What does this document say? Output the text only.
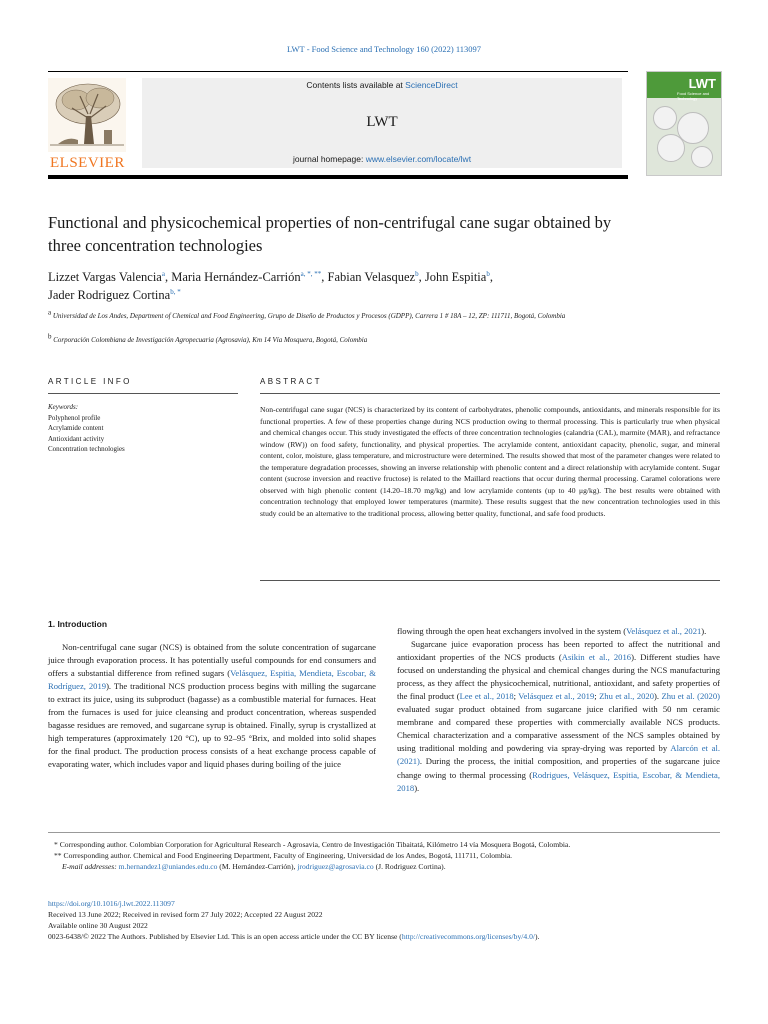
LWT - Food Science and Technology 160 (2022) 113097
ELSEVIER
Contents lists available at ScienceDirect
LWT
journal homepage: www.elsevier.com/locate/lwt
LWT
Food Science and Technology
Functional and physicochemical properties of non-centrifugal cane sugar obtained by three concentration technologies
Lizzet Vargas Valencia$^a$, Maria Hernández-Carrión$^{a, *, **}$, Fabian Velasquez$^b$, John Espitia$^b$,
Jader Rodriguez Cortina$^{b, *}$
$^a$ Universidad de Los Andes, Department of Chemical and Food Engineering, Grupo de Diseño de Productos y Procesos (GDPP), Carrera 1 # 18A – 12, ZP: 111711, Bogotá, Colombia
$^b$ Corporación Colombiana de Investigación Agropecuaria (Agrosavia), Km 14 Vía Mosquera, Bogotá, Colombia
ARTICLE INFO	ABSTRACT
Keywords:
Polyphenol profile
Acrylamide content
Antioxidant activity
Concentration technologies
Non-centrifugal cane sugar (NCS) is characterized by its content of carbohydrates, phenolic compounds, antioxidants, and minerals responsible for its functional properties. A few of these properties change during NCS production owing to thermal processing. This is particularly true when physical and chemical changes occur. This study investigated the effects of three concentration technologies (calandria (CAL), marmite (MAR), and refractance window (RW)) on food safety, functionality, and physical properties. The acrylamide content, antioxidant capacity, phenolic, sugar, and mineral content, color, moisture, glass temperature, and microstructure were determined. The results showed that most of the parameter changes were related to the temperature degradation processes, showing an inverse relationship with phenolic content and a direct relationship with acrylamide content. Sugar content (sucrose inversion and reactive fructose) is related to the Maillard reactions that occur during thermal processing. Caramel colorations were observed with high phenolic content (14.20–18.70 mg/kg) and low acrylamide contents (up to 40 μg/kg). The best results were obtained with concentration technology that employed lower temperatures (marmite). These results suggest that the new concentration technologies used in this study could be an alternative to the traditional process, allowing better quality, functional, and safe food products.
1. Introduction

Non-centrifugal cane sugar (NCS) is obtained from the solute concentration of sugarcane juice through evaporation process. It has potentially useful compounds for end consumers and offers a substantial difference from refined sugars (Velásquez, Espitia, Mendieta, Escobar, & Rodríguez, 2019). The traditional NCS production process begins with milling the sugarcane to extract its juice, using its subproduct (bagasse) as a combustible material for furnaces. Heat from the furnaces is used for juice cleansing and product concentration, whereas suspended bagasse residues are removed, and sugarcane syrup is obtained. Finally, syrup is crystallized at high temperatures (approximately 120 °C), up to 92–95 °Brix, and molded into solid shapes for the final product. The production process consists of a heat exchange process capable of evaporating water, which includes vapor and liquid phases during boiling of the juice

flowing through the open heat exchangers involved in the system (Velásquez et al., 2021).

Sugarcane juice evaporation process has been reported to affect the nutritional and antioxidant properties of the NCS products (Asikin et al., 2016). Different studies have focused on understanding the physical and chemical changes during the NCS manufacturing process, as they affect the physicochemical, nutritional, antioxidant, and safety properties of the final product (Lee et al., 2018; Velásquez et al., 2019; Zhu et al., 2020). Zhu et al. (2020) evaluated sugar product obtained from sugarcane juice clarified with 50 nm ceramic membrane and compared these properties with commercially available NCS products. Chemical characterization and a comparative assessment of the NCS samples obtained by using traditional molding and powdering via spray-drying was reported by Alarcón et al. (2021). During the process, the initial composition, and properties of the sugarcane juice change owing to thermal processing (Rodrigues, Velásquez, Espitia, Escobar, & Mendieta, 2018).

* Corresponding author. Colombian Corporation for Agricultural Research - Agrosavia, Centro de Investigación Tibaitatá, Kilómetro 14 vía Mosquera Bogotá, Colombia.
** Corresponding author. Chemical and Food Engineering Department, Faculty of Engineering, Universidad de los Andes, Bogotá, 111711, Colombia.
E-mail addresses: m.hernandez1@uniandes.edu.co (M. Hernández-Carrión), jrodriguez@agrosavia.co (J. Rodriguez Cortina).
https://doi.org/10.1016/j.lwt.2022.113097
Received 13 June 2022; Received in revised form 27 July 2022; Accepted 22 August 2022
Available online 30 August 2022
0023-6438/© 2022 The Authors. Published by Elsevier Ltd. This is an open access article under the CC BY license (http://creativecommons.org/licenses/by/4.0/).
